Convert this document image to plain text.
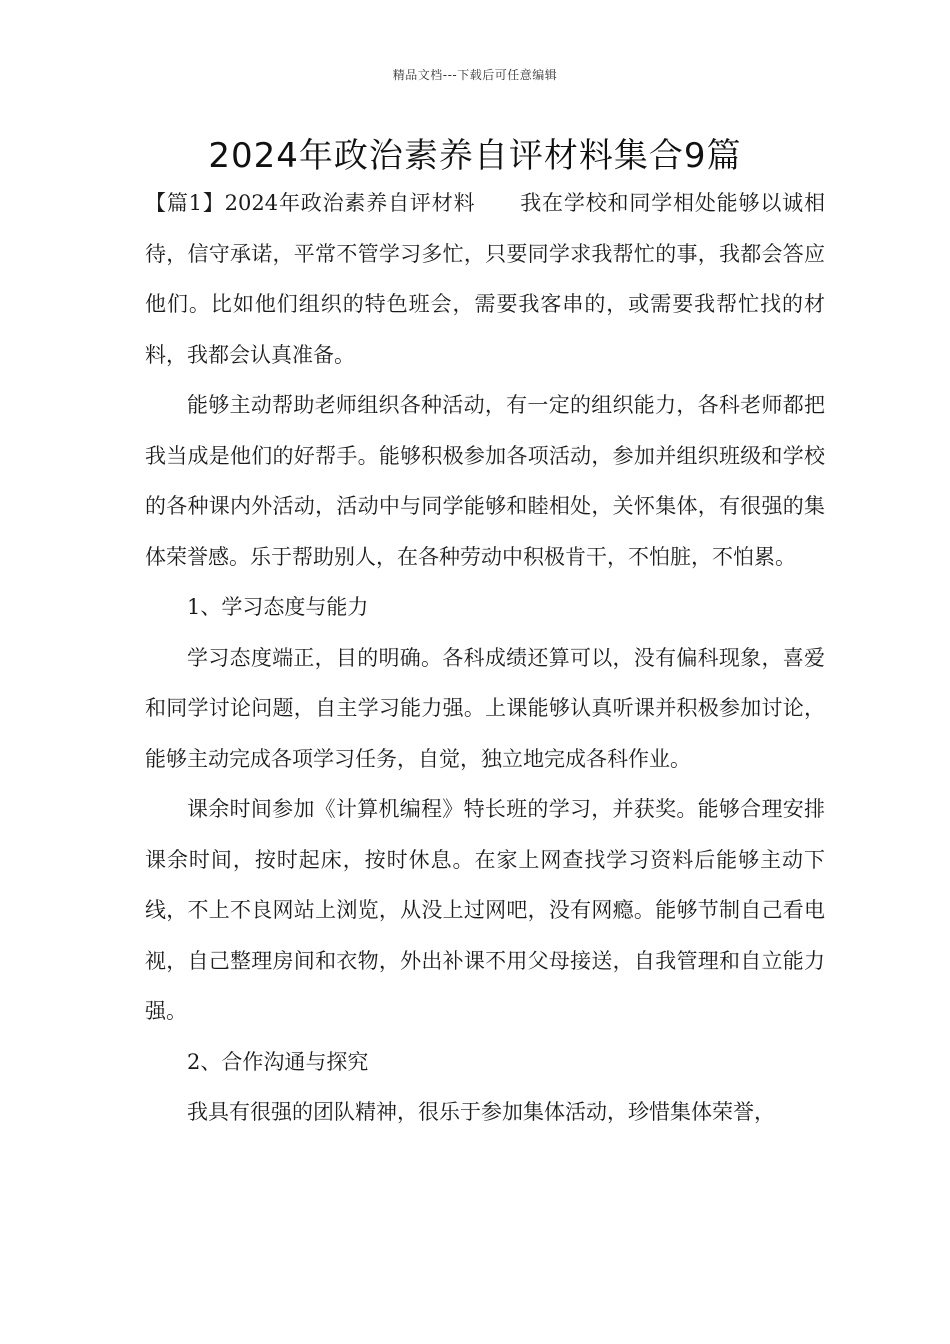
精品文档---下载后可任意编辑
2024年政治素养自评材料集合9篇

【篇1】2024年政治素养自评材料 我在学校和同学相处能够以诚相待，信守承诺，平常不管学习多忙，只要同学求我帮忙的事，我都会答应他们。比如他们组织的特色班会，需要我客串的，或需要我帮忙找的材料，我都会认真准备。

能够主动帮助老师组织各种活动，有一定的组织能力，各科老师都把我当成是他们的好帮手。能够积极参加各项活动，参加并组织班级和学校的各种课内外活动，活动中与同学能够和睦相处，关怀集体，有很强的集体荣誉感。乐于帮助别人，在各种劳动中积极肯干，不怕脏，不怕累。

1、学习态度与能力

学习态度端正，目的明确。各科成绩还算可以，没有偏科现象，喜爱和同学讨论问题，自主学习能力强。上课能够认真听课并积极参加讨论，能够主动完成各项学习任务，自觉，独立地完成各科作业。

课余时间参加《计算机编程》特长班的学习，并获奖。能够合理安排课余时间，按时起床，按时休息。在家上网查找学习资料后能够主动下线，不上不良网站上浏览，从没上过网吧，没有网瘾。能够节制自己看电视，自己整理房间和衣物，外出补课不用父母接送，自我管理和自立能力强。

2、合作沟通与探究

我具有很强的团队精神，很乐于参加集体活动，珍惜集体荣誉，
